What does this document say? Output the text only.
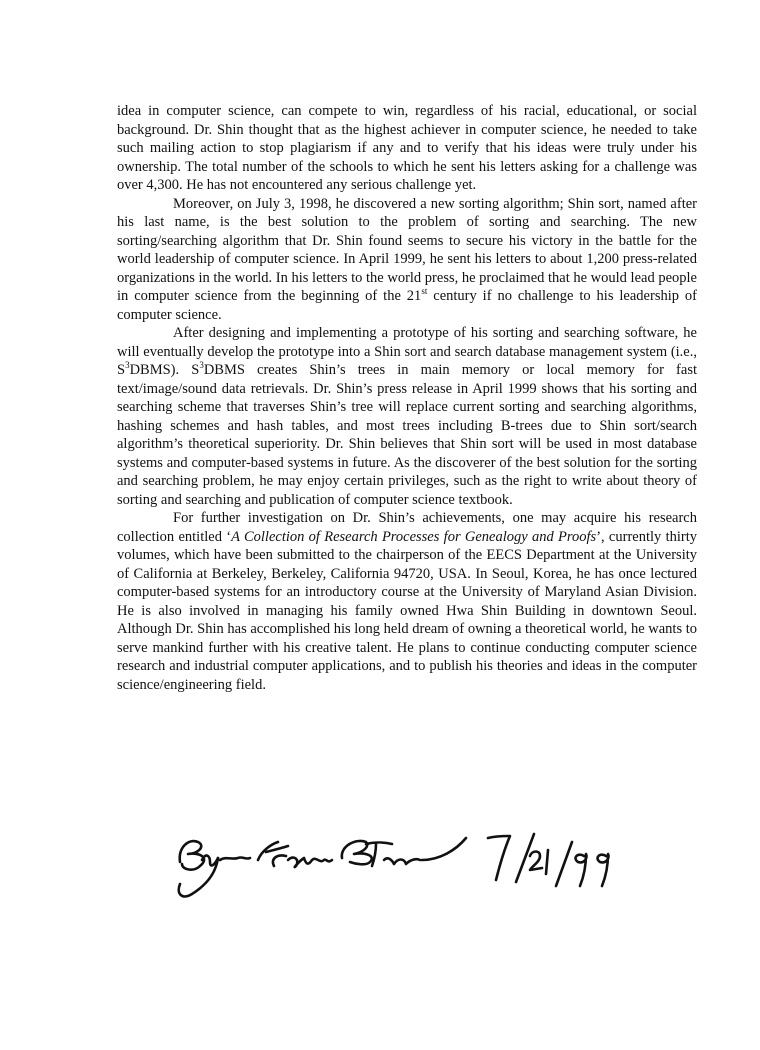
idea in computer science, can compete to win, regardless of his racial, educational, or social background. Dr. Shin thought that as the highest achiever in computer science, he needed to take such mailing action to stop plagiarism if any and to verify that his ideas were truly under his ownership. The total number of the schools to which he sent his letters asking for a challenge was over 4,300. He has not encountered any serious challenge yet.

Moreover, on July 3, 1998, he discovered a new sorting algorithm; Shin sort, named after his last name, is the best solution to the problem of sorting and searching. The new sorting/searching algorithm that Dr. Shin found seems to secure his victory in the battle for the world leadership of computer science. In April 1999, he sent his letters to about 1,200 press-related organizations in the world. In his letters to the world press, he proclaimed that he would lead people in computer science from the beginning of the 21st century if no challenge to his leadership of computer science.

After designing and implementing a prototype of his sorting and searching software, he will eventually develop the prototype into a Shin sort and search database management system (i.e., $S^3DBMS$). $S^3DBMS$ creates Shin’s trees in main memory or local memory for fast text/image/sound data retrievals. Dr. Shin’s press release in April 1999 shows that his sorting and searching scheme that traverses Shin’s tree will replace current sorting and searching algorithms, hashing schemes and hash tables, and most trees including B-trees due to Shin sort/search algorithm’s theoretical superiority. Dr. Shin believes that Shin sort will be used in most database systems and computer-based systems in future. As the discoverer of the best solution for the sorting and searching problem, he may enjoy certain privileges, such as the right to write about theory of sorting and searching and publication of computer science textbook.

For further investigation on Dr. Shin’s achievements, one may acquire his research collection entitled ‘A Collection of Research Processes for Genealogy and Proofs’, currently thirty volumes, which have been submitted to the chairperson of the EECS Department at the University of California at Berkeley, Berkeley, California 94720, USA. In Seoul, Korea, he has once lectured computer-based systems for an introductory course at the University of Maryland Asian Division. He is also involved in managing his family owned Hwa Shin Building in downtown Seoul. Although Dr. Shin has accomplished his long held dream of owning a theoretical world, he wants to serve mankind further with his creative talent. He plans to continue conducting computer science research and industrial computer applications, and to publish his theories and ideas in the computer science/engineering field.
